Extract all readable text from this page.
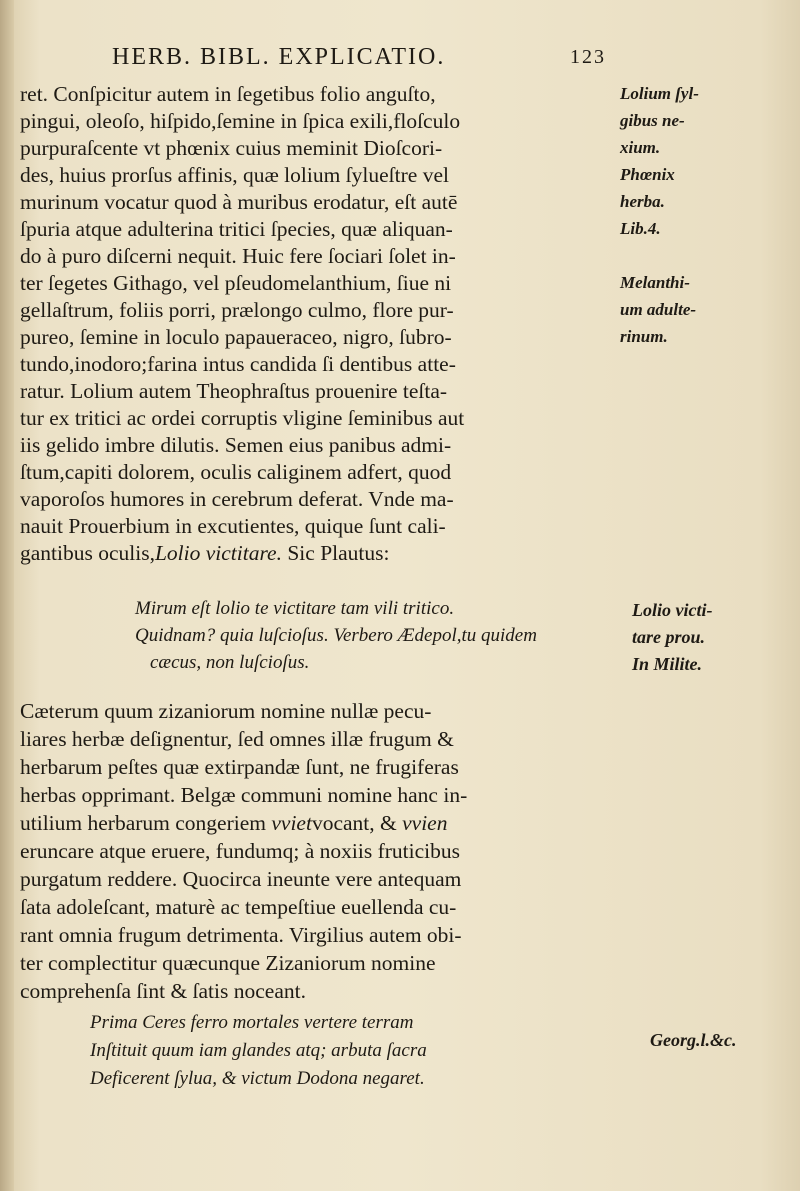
HERB. BIBL. EXPLICATIO.	123
ret. Conſpicitur autem in ſegetibus folio anguſto,
pingui, oleoſo, hiſpido,ſemine in ſpica exili,floſculo
purpuraſcente vt phœnix cuius meminit Dioſcori-
des, huius prorſus affinis, quæ lolium ſylueſtre vel
murinum vocatur quod à muribus erodatur, eſt autē
ſpuria atque adulterina tritici ſpecies, quæ aliquan-
do à puro diſcerni nequit. Huic fere ſociari ſolet in-
ter ſegetes Githago, vel pſeudomelanthium, ſiue ni
gellaſtrum, foliis porri, prælongo culmo, flore pur-
pureo, ſemine in loculo papaueraceo, nigro, ſubro-
tundo,inodoro;farina intus candida ſi dentibus atte-
ratur. Lolium autem Theophraſtus prouenire teſta-
tur ex tritici ac ordei corruptis vligine ſeminibus aut
iis gelido imbre dilutis. Semen eius panibus admi-
ſtum,capiti dolorem, oculis caliginem adfert, quod
vaporoſos humores in cerebrum deferat. Vnde ma-
nauit Prouerbium in excutientes, quique ſunt cali-
gantibus oculis,Lolio victitare. Sic Plautus:
Mirum eſt lolio te victitare tam vili tritico.
Quidnam? quia luſcioſus. Verbero Ædepol,tu quidem
cæcus, non luſcioſus.
Cæterum quum zizaniorum nomine nullæ pecu-
liares herbæ deſignentur, ſed omnes illæ frugum &
herbarum peſtes quæ extirpandæ ſunt, ne frugiferas
herbas opprimant. Belgæ communi nomine hanc in-
utilium herbarum congeriem vvietvocant, & vvien
eruncare atque eruere, fundumq; à noxiis fruticibus
purgatum reddere. Quocirca ineunte vere antequam
ſata adoleſcant, maturè ac tempeſtiue euellenda cu-
rant omnia frugum detrimenta. Virgilius autem obi-
ter complectitur quæcunque Zizaniorum nomine
comprehenſa ſint & ſatis noceant.
Prima Ceres ferro mortales vertere terram
Inſtituit quum iam glandes atq; arbuta ſacra
Deficerent ſylua, & victum Dodona negaret.
Lolium ſyl-
gibus ne-
xium.
Phœnix
herba.
Lib.4.
Melanthi-
um adulte-
rinum.
Lolio victi-
tare prou.
In Milite.
Georg.l.&c.
